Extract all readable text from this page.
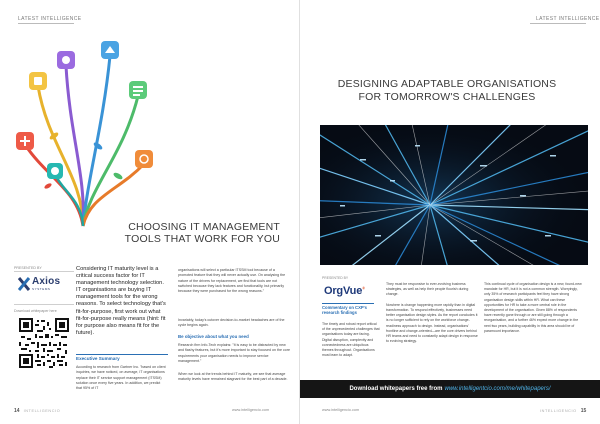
LATEST INTELLIGENCE
CHOOSING IT MANAGEMENT
TOOLS THAT WORK FOR YOU
PRESENTED BY
Axios
SYSTEMS
Download whitepaper here
Considering IT maturity level is a critical success factor for IT management technology selection. IT organisations are buying IT management tools for the wrong reasons. To select technology that's fit-for-purpose, first work out what fit-for-purpose really means (hint: fit for purpose also means fit for the future).
Executive Summary
According to research from Gartner Inc. "based on client inquiries, we have noticed, on average, IT organisations replace their IT service support management (ITSSM) solution once every five years. In addition, we predict that 95% of IT
organisations will select a particular ITSSM tool because of a promoted feature that they will never actually use. On analysing the nature of the drivers for replacement, we find that tools are not switched because they lack features and functionality, but primarily because they were purchased for the wrong reasons."
Invariably, today's cutover decision-to-market headaches are of the cycle begins again.
Be objective about what you need
Research firm Info-Tech explains: "It is easy to be distracted by new and flashy features, but it's more important to stay focused on the core requirements your organisation needs to improve service management."
When we look at the trends behind IT maturity, we see that average maturity levels have remained stagnant for the best part of a decade.
14 INTELLIGENCIO	www.intelligencio.com
LATEST INTELLIGENCE
DESIGNING ADAPTABLE ORGANISATIONS
FOR TOMORROW'S CHALLENGES
PRESENTED BY
OrgVue®
Commentary on CXP's research findings
The timely and robust report critical of the unprecedented challenges that organisations today are facing. Digital disruption, complexity and connectedness are ubiquitous themes throughout. Organisations must learn to adapt.
They must be responsive to ever-evolving business strategies, as well as help their people flourish during change.

Nowhere is change happening more rapidly than in digital transformation. To respond effectively, businesses need better organisation design styles. As the report concludes it is no longer sufficient to rely on the workforce change-readiness approach to design. Instead, organisations' frontline and change-oriented—are the core drivers behind HR teams and need to constantly adapt design in response to evolving strategy.
This continual cycle of organisation design is a new, found-new mandate for HR, but it is not a common strength. Worryingly, only 35% of research participants feel they have strong organisation design skills within HR. What can these opportunities for HR to take a more central role in the development of the organisation. Given 88% of respondents have recently gone through or are still going through a reorganisation, and a further 46% expect more change in the next two years, building capability in this area should be of paramount importance.
Download whitepapers free from www.intelligentcio.com/me/whitepapers/
www.intelligencio.com	INTELLIGENCIO 15
